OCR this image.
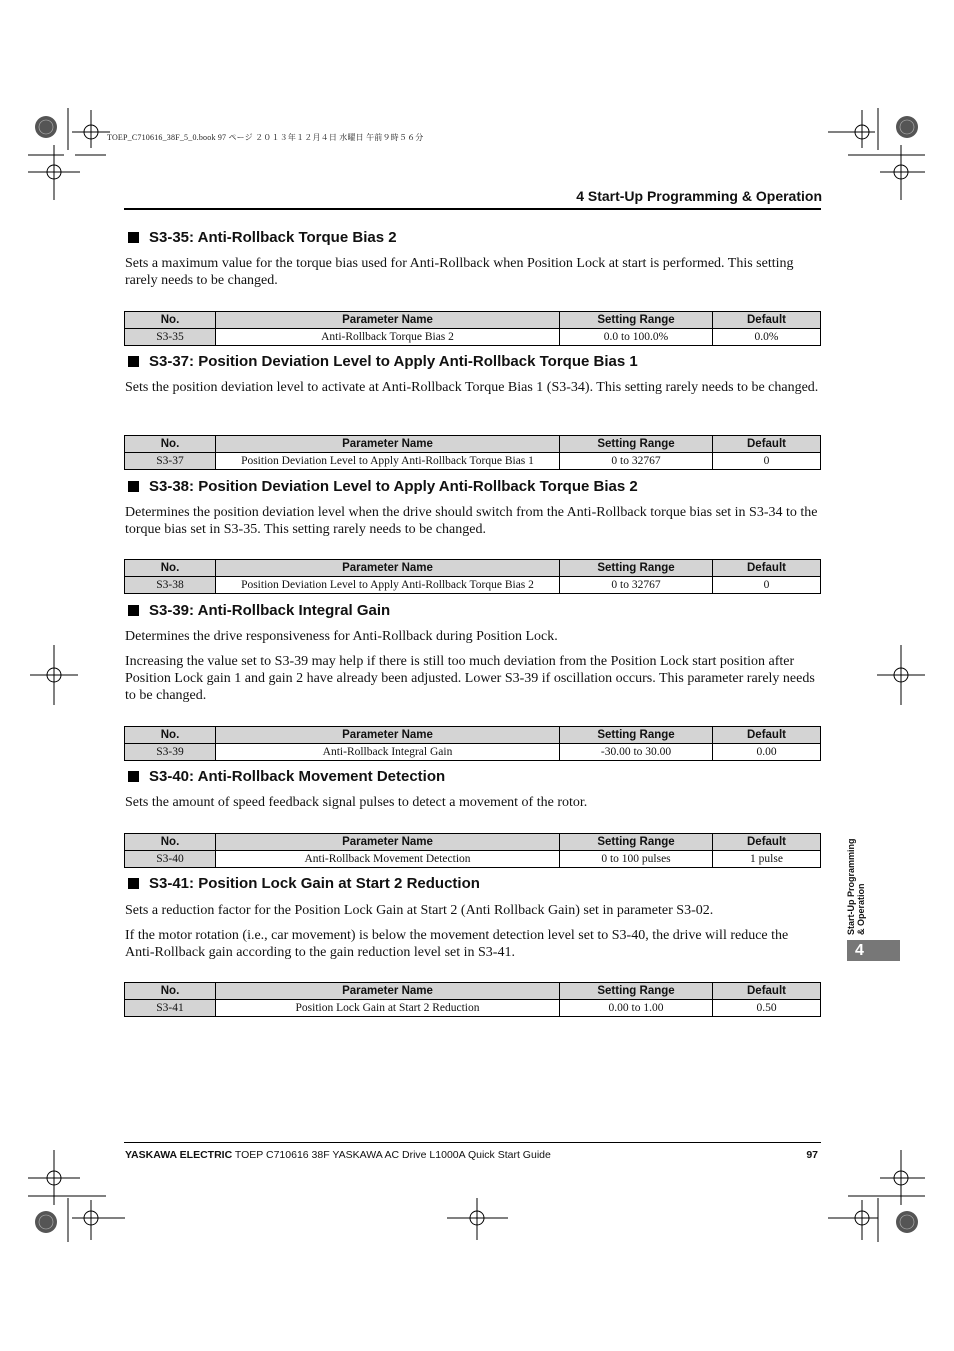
TOEP_C710616_38F_5_0.book 97 ページ ２０１３年１２月４日 水曜日 午前９時５６分
4 Start-Up Programming & Operation
S3-35: Anti-Rollback Torque Bias 2
Sets a maximum value for the torque bias used for Anti-Rollback when Position Lock at start is performed. This setting rarely needs to be changed.
No.	Parameter Name	Setting Range	Default
S3-35	Anti-Rollback Torque Bias 2	0.0 to 100.0%	0.0%
S3-37: Position Deviation Level to Apply Anti-Rollback Torque Bias 1
Sets the position deviation level to activate at Anti-Rollback Torque Bias 1 (S3-34). This setting rarely needs to be changed.
No.	Parameter Name	Setting Range	Default
S3-37	Position Deviation Level to Apply Anti-Rollback Torque Bias 1	0 to 32767	0
S3-38: Position Deviation Level to Apply Anti-Rollback Torque Bias 2
Determines the position deviation level when the drive should switch from the Anti-Rollback torque bias set in S3-34 to the torque bias set in S3-35. This setting rarely needs to be changed.
No.	Parameter Name	Setting Range	Default
S3-38	Position Deviation Level to Apply Anti-Rollback Torque Bias 2	0 to 32767	0
S3-39: Anti-Rollback Integral Gain
Determines the drive responsiveness for Anti-Rollback during Position Lock.
Increasing the value set to S3-39 may help if there is still too much deviation from the Position Lock start position after Position Lock gain 1 and gain 2 have already been adjusted. Lower S3-39 if oscillation occurs. This parameter rarely needs to be changed.
No.	Parameter Name	Setting Range	Default
S3-39	Anti-Rollback Integral Gain	-30.00 to 30.00	0.00
S3-40: Anti-Rollback Movement Detection
Sets the amount of speed feedback signal pulses to detect a movement of the rotor.
No.	Parameter Name	Setting Range	Default
S3-40	Anti-Rollback Movement Detection	0 to 100 pulses	1 pulse
S3-41: Position Lock Gain at Start 2 Reduction
Sets a reduction factor for the Position Lock Gain at Start 2 (Anti Rollback Gain) set in parameter S3-02.
If the motor rotation (i.e., car movement) is below the movement detection level set to S3-40, the drive will reduce the Anti-Rollback gain according to the gain reduction level set in S3-41.
No.	Parameter Name	Setting Range	Default
S3-41	Position Lock Gain at Start 2 Reduction	0.00 to 1.00	0.50
Start-Up Programming
& Operation
4
YASKAWA ELECTRIC TOEP C710616 38F YASKAWA AC Drive L1000A Quick Start Guide	97
